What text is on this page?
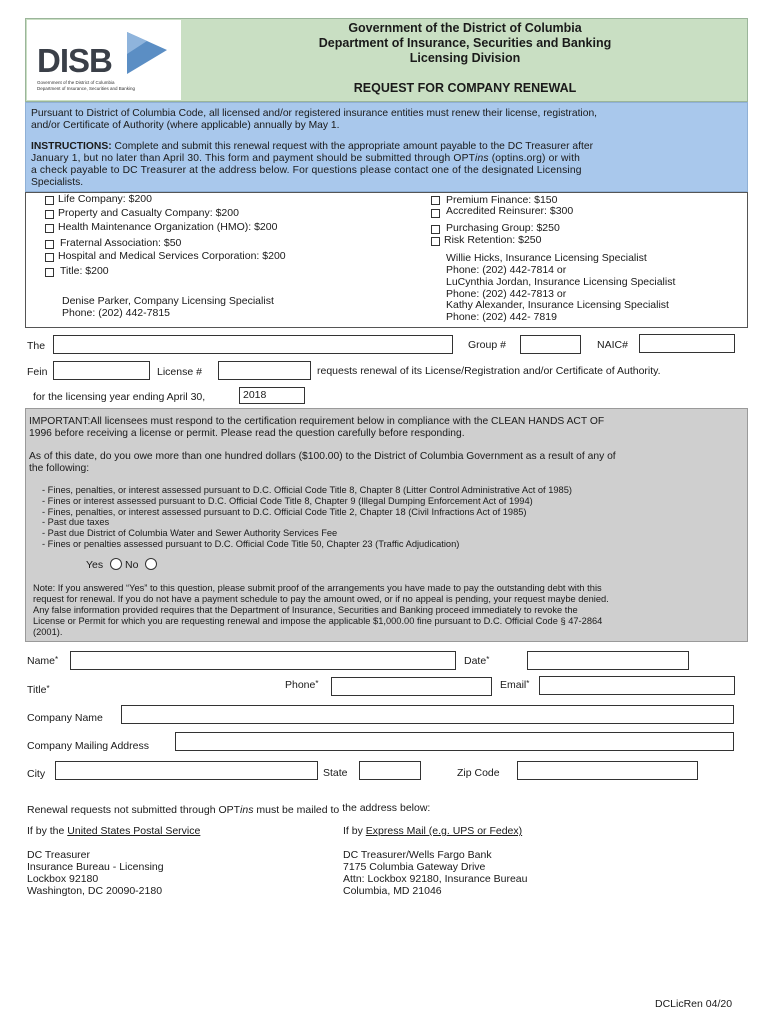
DISB
Government of the District of Columbia
Department of Insurance, Securities and Banking
Government of the District of Columbia
Department of Insurance, Securities and Banking
Licensing Division
REQUEST FOR COMPANY RENEWAL
Pursuant to District of Columbia Code, all licensed and/or registered insurance entities must renew their license, registration,
and/or Certificate of Authority (where applicable) annually by May 1.
INSTRUCTIONS: Complete and submit this renewal request with the appropriate amount payable to the DC Treasurer after
January 1, but no later than April 30. This form and payment should be submitted through OPTins (optins.org) or with
a check payable to DC Treasurer at the address below. For questions please contact one of the designated Licensing
Specialists.
Life Company: $200
Property and Casualty Company: $200
Health Maintenance Organization (HMO): $200
Fraternal Association: $50
Hospital and Medical Services Corporation: $200
Title: $200
Denise Parker, Company Licensing Specialist
Phone: (202) 442-7815
Premium Finance: $150
Accredited Reinsurer: $300
Purchasing Group: $250
Risk Retention: $250
Willie Hicks, Insurance Licensing Specialist
Phone: (202) 442-7814 or
LuCynthia Jordan, Insurance Licensing Specialist
Phone: (202) 442-7813 or
Kathy Alexander, Insurance Licensing Specialist
Phone: (202) 442- 7819
The	Group #	NAIC#
Fein	License #	requests renewal of its License/Registration and/or Certificate of Authority.
for the licensing year ending April 30,	2018
IMPORTANT:All licensees must respond to the certification requirement below in compliance with the CLEAN HANDS ACT OF
1996 before receiving a license or permit. Please read the question carefully before responding.
As of this date, do you owe more than one hundred dollars ($100.00) to the District of Columbia Government as a result of any of
the following:
- Fines, penalties, or interest assessed pursuant to D.C. Official Code Title 8, Chapter 8 (Litter Control Administrative Act of 1985)
- Fines or interest assessed pursuant to D.C. Official Code Title 8, Chapter 9 (Illegal Dumping Enforcement Act of 1994)
- Fines, penalties, or interest assessed pursuant to D.C. Official Code Title 2, Chapter 18 (Civil Infractions Act of 1985)
- Past due taxes
- Past due District of Columbia Water and Sewer Authority Services Fee
- Fines or penalties assessed pursuant to D.C. Official Code Title 50, Chapter 23 (Traffic Adjudication)
Yes No
Note: If you answered “Yes” to this question, please submit proof of the arrangements you have made to pay the outstanding debt with this
request for renewal. If you do not have a payment schedule to pay the amount owed, or if no appeal is pending, your request maybe denied.
Any false information provided requires that the Department of Insurance, Securities and Banking proceed immediately to revoke the
License or Permit for which you are requesting renewal and impose the applicable $1,000.00 fine pursuant to D.C. Official Code § 47-2864
(2001).
Name*	Date*
Title*	Phone*	Email*
Company Name
Company Mailing Address
City	State	Zip Code
Renewal requests not submitted through OPTins must be mailed to the address below:
If by the United States Postal Service	If by Express Mail (e.g. UPS or Fedex)
DC Treasurer
Insurance Bureau - Licensing
Lockbox 92180
Washington, DC 20090-2180
DC Treasurer/Wells Fargo Bank
7175 Columbia Gateway Drive
Attn: Lockbox 92180, Insurance Bureau
Columbia, MD 21046
DCLicRen 04/20
